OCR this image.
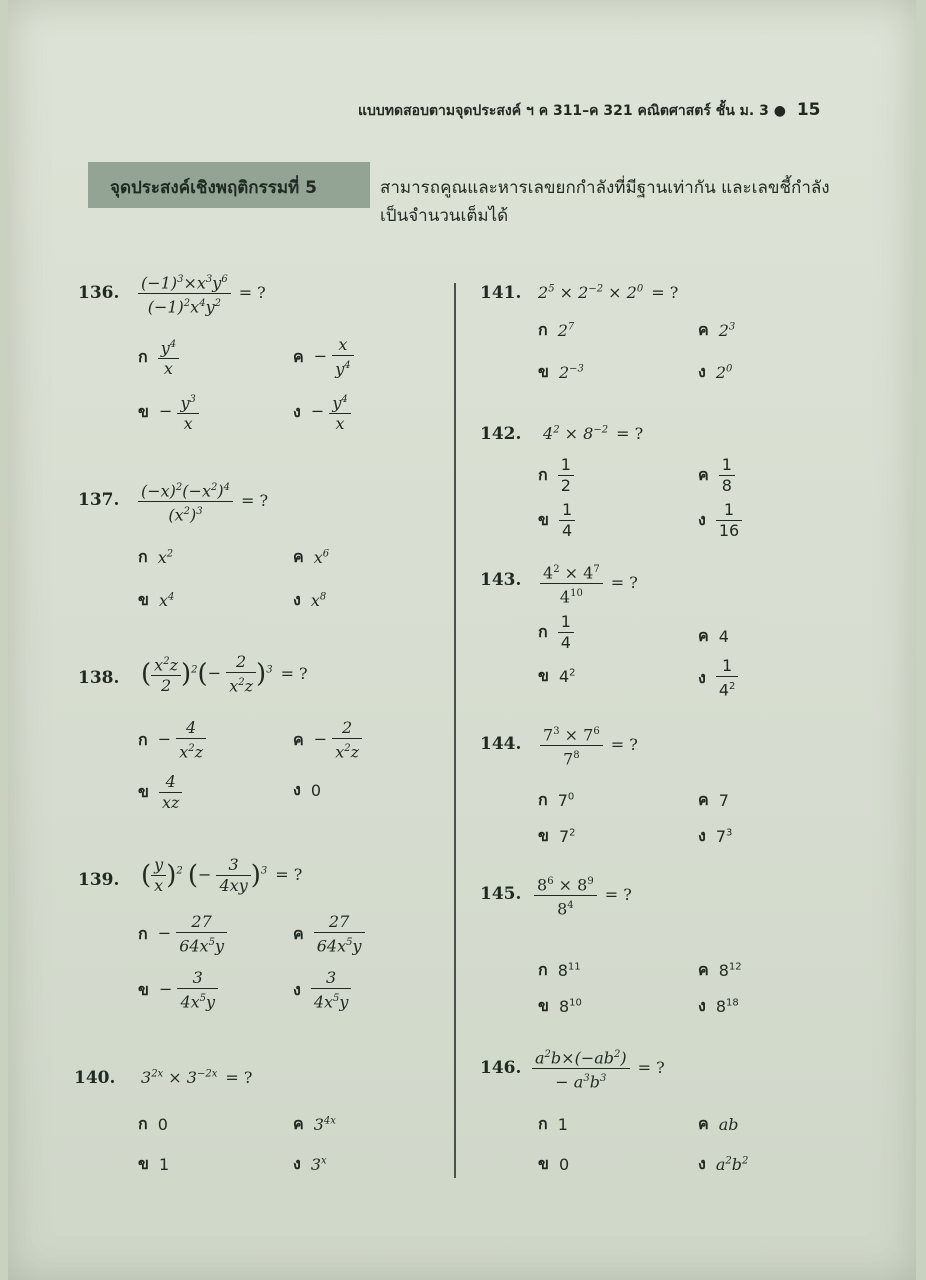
แบบทดสอบตามจุดประสงค์ ฯ ค 311–ค 321 คณิตศาสตร์ ชั้น ม. 3 ● 15
จุดประสงค์เชิงพฤติกรรมที่ 5	สามารถคูณและหารเลขยกกำลังที่มีฐานเท่ากัน และเลขชี้กำลังเป็นจำนวนเต็มได้
136. $\frac{(-1)^3\times x^3y^6}{(-1)^2x^4y^2}$ = ?
ก $\frac{y^4}{x}$	ค − $\frac{x}{y^4}$
ข − $\frac{y^3}{x}$	ง − $\frac{y^4}{x}$
137. $\frac{(-x)^2(-x^2)^4}{(x^2)^3}$ = ?
ก $x^2$	ค $x^6$
ข $x^4$	ง $x^8$
138. ( $\frac{x^2z}{2} )^2(- \frac{2}{x^2z} )^3$ = ?
ก − $\frac{4}{x^2z}$	ค − $\frac{2}{x^2z}$
ข $\frac{4}{xz}$	ง 0
139. ( $\frac{y}{x} )^2$ (− $\frac{3}{4xy} )^3$ = ?
ก − $\frac{27}{64x^5y}$	ค $\frac{27}{64x^5y}$
ข − $\frac{3}{4x^5y}$	ง $\frac{3}{4x^5y}$
140. $3^{2x} \times 3^{-2x}$ = ?
ก 0	ค $3^{4x}$
ข 1	ง 3$^x$
141. $2^5 \times 2^{-2} \times 2^0$ = ?
ก $2^7$	ค $2^3$
ข $2^{-3}$	ง $2^0$
142. $4^2 \times 8^{-2}$ = ?
ก $\frac{1}{2}$	ค $\frac{1}{8}$
ข $\frac{1}{4}$	ง $\frac{1}{16}$
143. $\frac{4^2 \times 4^7}{4^{10}}$ = ?
ก $\frac{1}{4}$	ค 4
ข $4^2$	ง $\frac{1}{4^2}$
144. $\frac{7^3 \times 7^6}{7^8}$ = ?
ก $7^0$	ค 7
ข $7^2$	ง $7^3$
145. $\frac{8^6 \times 8^9}{8^4}$ = ?
ก $8^{11}$	ค $8^{12}$
ข $8^{10}$	ง $8^{18}$
146. $\frac{a^2b\times(-ab^2)}{- a^3b^3}$ = ?
ก 1	ค ab
ข 0	ง $a^2b^2$
